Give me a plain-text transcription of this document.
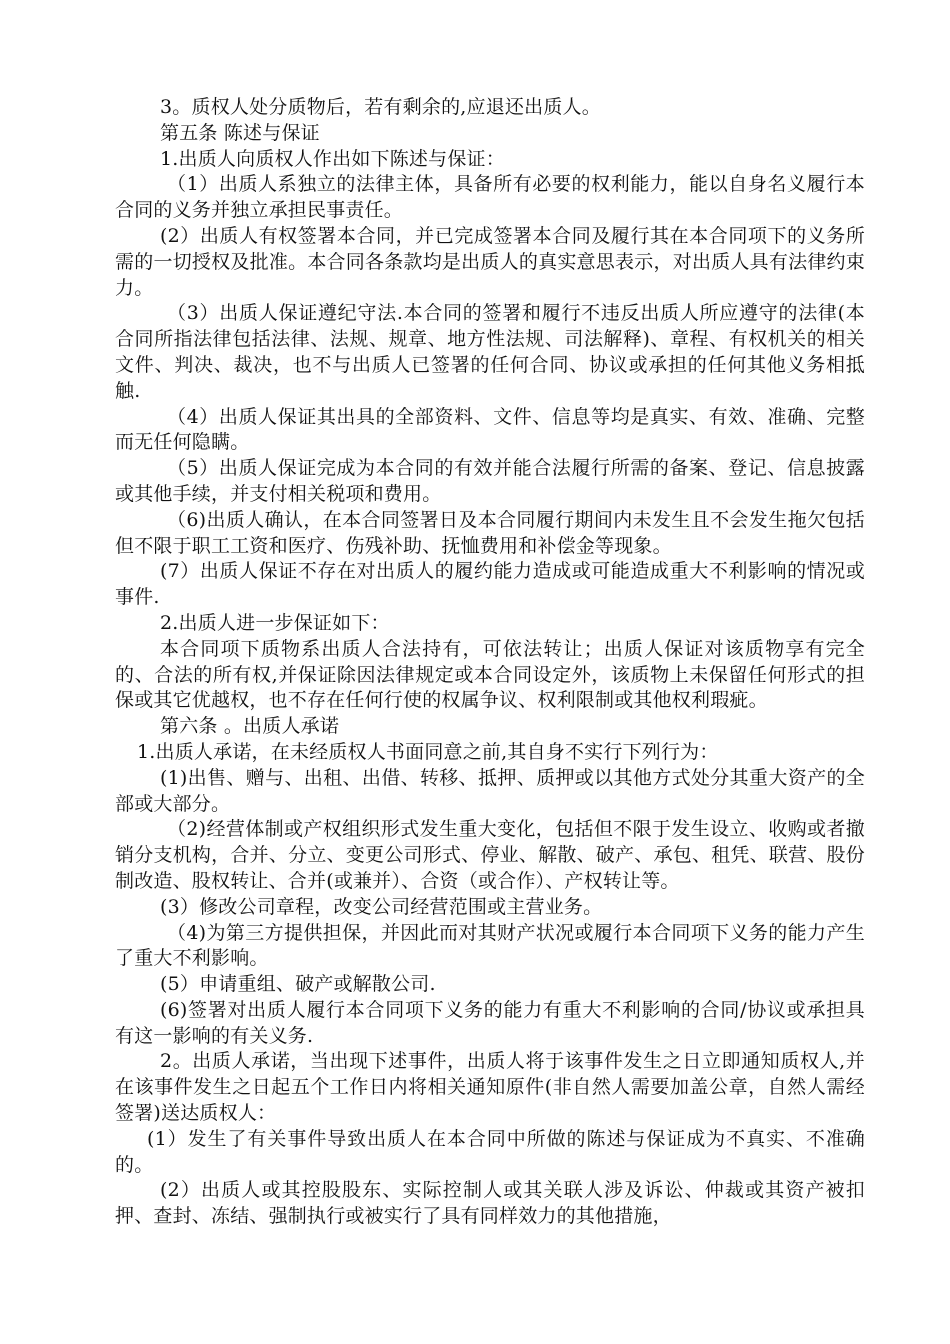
3。质权人处分质物后，若有剩余的,应退还出质人。

第五条 陈述与保证

1.出质人向质权人作出如下陈述与保证：

（1）出质人系独立的法律主体，具备所有必要的权利能力，能以自身名义履行本合同的义务并独立承担民事责任。

(2）出质人有权签署本合同，并已完成签署本合同及履行其在本合同项下的义务所需的一切授权及批准。本合同各条款均是出质人的真实意思表示，对出质人具有法律约束力。

（3）出质人保证遵纪守法.本合同的签署和履行不违反出质人所应遵守的法律(本合同所指法律包括法律、法规、规章、地方性法规、司法解释)、章程、有权机关的相关文件、判决、裁决，也不与出质人已签署的任何合同、协议或承担的任何其他义务相抵触.

（4）出质人保证其出具的全部资料、文件、信息等均是真实、有效、准确、完整而无任何隐瞒。

（5）出质人保证完成为本合同的有效并能合法履行所需的备案、登记、信息披露或其他手续，并支付相关税项和费用。

（6)出质人确认，在本合同签署日及本合同履行期间内未发生且不会发生拖欠包括但不限于职工工资和医疗、伤残补助、抚恤费用和补偿金等现象。

(7）出质人保证不存在对出质人的履约能力造成或可能造成重大不利影响的情况或事件.

2.出质人进一步保证如下：

本合同项下质物系出质人合法持有，可依法转让；出质人保证对该质物享有完全的、合法的所有权,并保证除因法律规定或本合同设定外，该质物上未保留任何形式的担保或其它优越权，也不存在任何行使的权属争议、权利限制或其他权利瑕疵。

第六条 。出质人承诺

1.出质人承诺，在未经质权人书面同意之前,其自身不实行下列行为：

(1)出售、赠与、出租、出借、转移、抵押、质押或以其他方式处分其重大资产的全部或大部分。

（2)经营体制或产权组织形式发生重大变化，包括但不限于发生设立、收购或者撤销分支机构，合并、分立、变更公司形式、停业、解散、破产、承包、租凭、联营、股份制改造、股权转让、合并(或兼并）、合资（或合作）、产权转让等。

(3）修改公司章程，改变公司经营范围或主营业务。

（4)为第三方提供担保，并因此而对其财产状况或履行本合同项下义务的能力产生了重大不利影响。

(5）申请重组、破产或解散公司.

(6)签署对出质人履行本合同项下义务的能力有重大不利影响的合同/协议或承担具有这一影响的有关义务.

2。出质人承诺，当出现下述事件，出质人将于该事件发生之日立即通知质权人,并在该事件发生之日起五个工作日内将相关通知原件(非自然人需要加盖公章，自然人需经签署)送达质权人：

(1）发生了有关事件导致出质人在本合同中所做的陈述与保证成为不真实、不准确的。

(2）出质人或其控股股东、实际控制人或其关联人涉及诉讼、仲裁或其资产被扣押、查封、冻结、强制执行或被实行了具有同样效力的其他措施，
